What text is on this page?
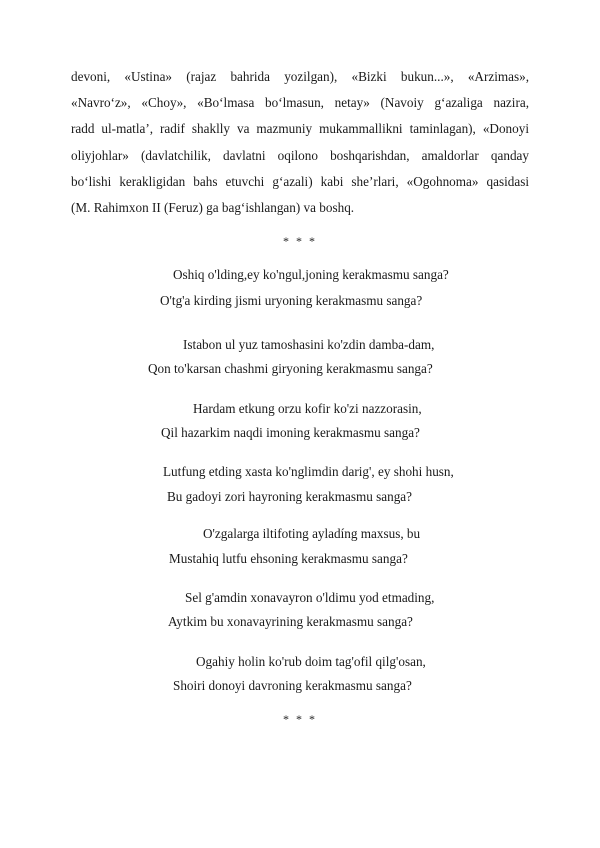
devoni, «Ustina» (rajaz bahrida yozilgan), «Bizki bukun...», «Arzimas»,
«Navro‘z», «Choy», «Bo‘lmasa bo‘lmasun, netay» (Navoiy g‘azaliga nazira,
radd ul-matla’, radif shaklly va mazmuniy mukammallikni taminlagan), «Donoyi
oliyjohlar» (davlatchilik, davlatni oqilono boshqarishdan, amaldorlar qanday
bo‘lishi kerakligidan bahs etuvchi g‘azali) kabi she’rlari, «Ogohnoma» qasidasi
(M. Rahimxon II (Feruz) ga bag‘ishlangan) va boshq.
* * *
Oshiq o'lding,ey ko'ngul,joning kerakmasmu sanga?
O'tg'a kirding jismi uryoning kerakmasmu sanga?
Istabon ul yuz tamoshasini ko'zdin damba-dam,
Qon to'karsan chashmi giryoning kerakmasmu sanga?
Hardam etkung orzu kofir ko'zi nazzorasin,
Qil hazarkim naqdi imoning kerakmasmu sanga?
Lutfung etding xasta ko'nglimdin darig', ey shohi husn,
Bu gadoyi zori hayroning kerakmasmu sanga?
O'zgalarga iltifoting ayladíng maxsus, bu
Mustahiq lutfu ehsoning kerakmasmu sanga?
Sel g'amdin xonavayron o'ldimu yod etmading,
Aytkim bu xonavayrining kerakmasmu sanga?
Ogahiy holin ko'rub doim tag'ofil qilg'osan,
Shoiri donoyi davroning kerakmasmu sanga?
* * *
